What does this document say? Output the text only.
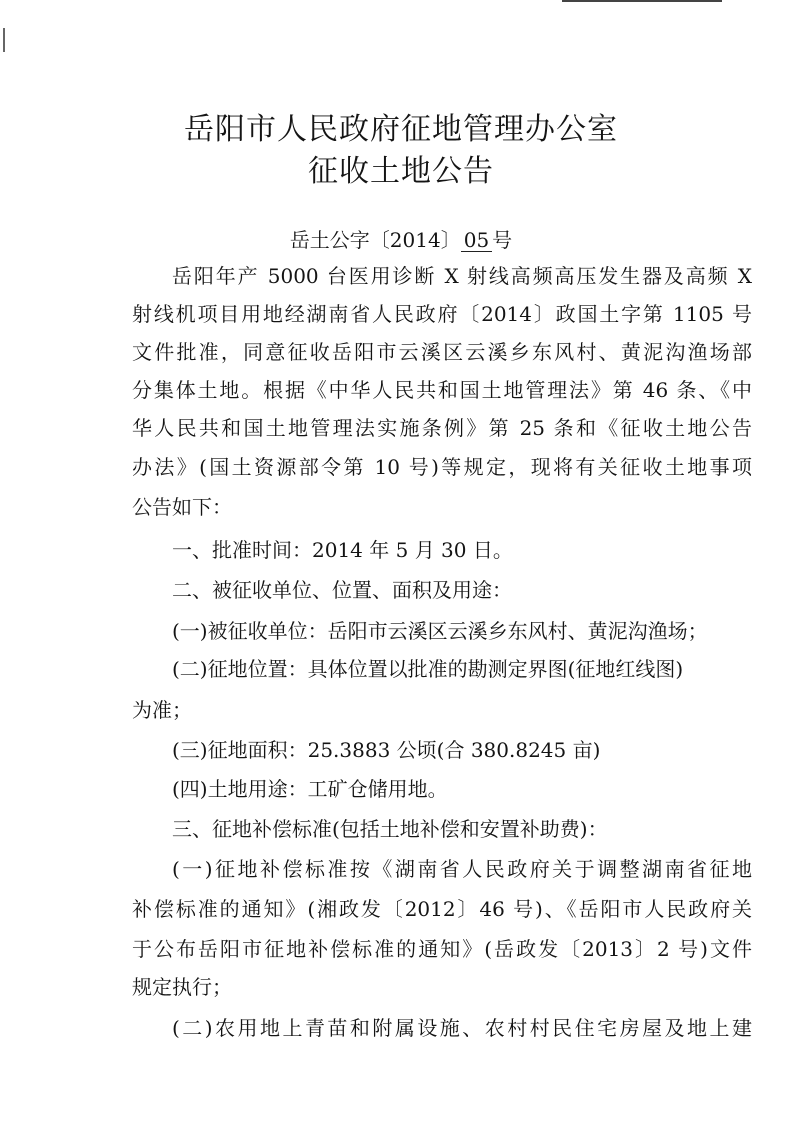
岳阳市人民政府征地管理办公室
征收土地公告
岳土公字〔2014〕 05 号
岳阳年产 5000 台医用诊断 X 射线高频高压发生器及高频 X
射线机项目用地经湖南省人民政府〔2014〕政国土字第 1105 号
文件批准，同意征收岳阳市云溪区云溪乡东风村、黄泥沟渔场部
分集体土地。根据《中华人民共和国土地管理法》第 46 条、《中
华人民共和国土地管理法实施条例》第 25 条和《征收土地公告
办法》(国土资源部令第 10 号)等规定，现将有关征收土地事项
公告如下：
一、批准时间：2014 年 5 月 30 日。
二、被征收单位、位置、面积及用途：
(一)被征收单位：岳阳市云溪区云溪乡东风村、黄泥沟渔场；
(二)征地位置：具体位置以批准的勘测定界图(征地红线图)
为准；
(三)征地面积：25.3883 公顷(合 380.8245 亩)
(四)土地用途：工矿仓储用地。
三、征地补偿标准(包括土地补偿和安置补助费)：
(一)征地补偿标准按《湖南省人民政府关于调整湖南省征地
补偿标准的通知》(湘政发〔2012〕46 号)、《岳阳市人民政府关
于公布岳阳市征地补偿标准的通知》(岳政发〔2013〕2 号)文件
规定执行；
(二)农用地上青苗和附属设施、农村村民住宅房屋及地上建
